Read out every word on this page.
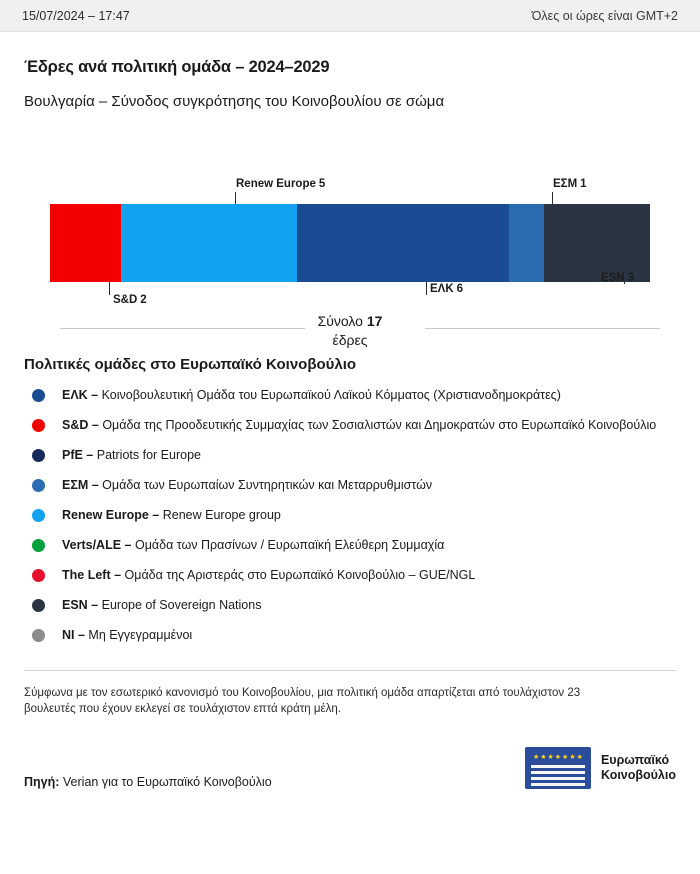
15/07/2024 – 17:47	Όλες οι ώρες είναι GMT+2
Έδρες ανά πολιτική ομάδα – 2024–2029
Βουλγαρία – Σύνοδος συγκρότησης του Κοινοβουλίου σε σώμα
Renew Europe 5	ΕΣΜ 1
S&D 2
ΕΛΚ 6
ESN 3
Σύνολο 17
έδρες
Πολιτικές ομάδες στο Ευρωπαϊκό Κοινοβούλιο
ΕΛΚ – Κοινοβουλευτική Ομάδα του Ευρωπαϊκού Λαϊκού Κόμματος (Χριστιανοδημοκράτες)
S&D – Ομάδα της Προοδευτικής Συμμαχίας των Σοσιαλιστών και Δημοκρατών στο Ευρωπαϊκό Κοινοβούλιο
PfE – Patriots for Europe
ΕΣΜ – Ομάδα των Ευρωπαίων Συντηρητικών και Μεταρρυθμιστών
Renew Europe – Renew Europe group
Verts/ALE – Ομάδα των Πρασίνων / Ευρωπαϊκή Ελεύθερη Συμμαχία
The Left – Ομάδα της Αριστεράς στο Ευρωπαϊκό Κοινοβούλιο – GUE/NGL
ESN – Europe of Sovereign Nations
NI – Μη Εγγεγραμμένοι
Σύμφωνα με τον εσωτερικό κανονισμό του Κοινοβουλίου, μια πολιτική ομάδα απαρτίζεται από τουλάχιστον 23 βουλευτές που έχουν εκλεγεί σε τουλάχιστον επτά κράτη μέλη.
Πηγή: Verian για το Ευρωπαϊκό Κοινοβούλιο
★★★★★★★ Ευρωπαϊκό
Κοινοβούλιο
